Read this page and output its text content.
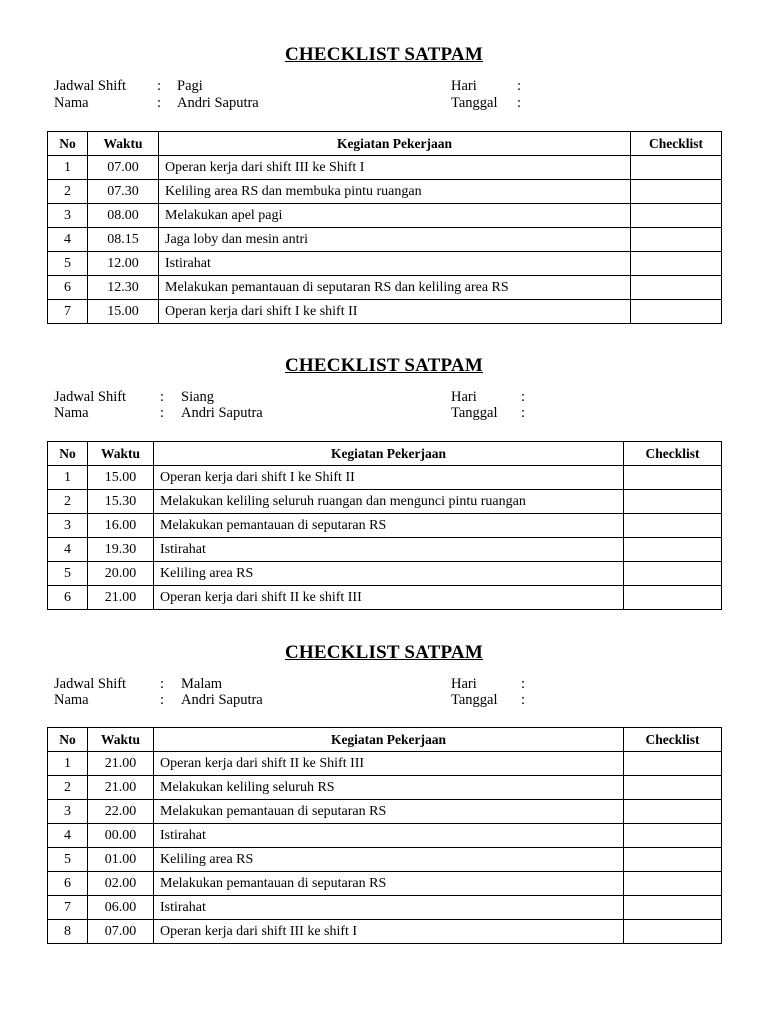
CHECKLIST SATPAM
Jadwal Shift : Pagi
Nama	: Andri Saputra
Hari	:
Tanggal :
No	Waktu	Kegiatan Pekerjaan	Checklist
1	07.00	Operan kerja dari shift III ke Shift I	
2	07.30	Keliling area RS dan membuka pintu ruangan	
3	08.00	Melakukan apel pagi	
4	08.15	Jaga loby dan mesin antri	
5	12.00	Istirahat	
6	12.30	Melakukan pemantauan di seputaran RS dan keliling area RS	
7	15.00	Operan kerja dari shift I ke shift II	
CHECKLIST SATPAM
Jadwal Shift : Siang
Nama	: Andri Saputra
Hari	:
Tanggal :
No	Waktu	Kegiatan Pekerjaan	Checklist
1	15.00	Operan kerja dari shift I ke Shift II	
2	15.30	Melakukan keliling seluruh ruangan dan mengunci pintu ruangan	
3	16.00	Melakukan pemantauan di seputaran RS	
4	19.30	Istirahat	
5	20.00	Keliling area RS	
6	21.00	Operan kerja dari shift II ke shift III	
CHECKLIST SATPAM
Jadwal Shift : Malam
Nama	: Andri Saputra
Hari	:
Tanggal :
No	Waktu	Kegiatan Pekerjaan	Checklist
1	21.00	Operan kerja dari shift II ke Shift III	
2	21.00	Melakukan keliling seluruh RS	
3	22.00	Melakukan pemantauan di seputaran RS	
4	00.00	Istirahat	
5	01.00	Keliling area RS	
6	02.00	Melakukan pemantauan di seputaran RS	
7	06.00	Istirahat	
8	07.00	Operan kerja dari shift III ke shift I	
